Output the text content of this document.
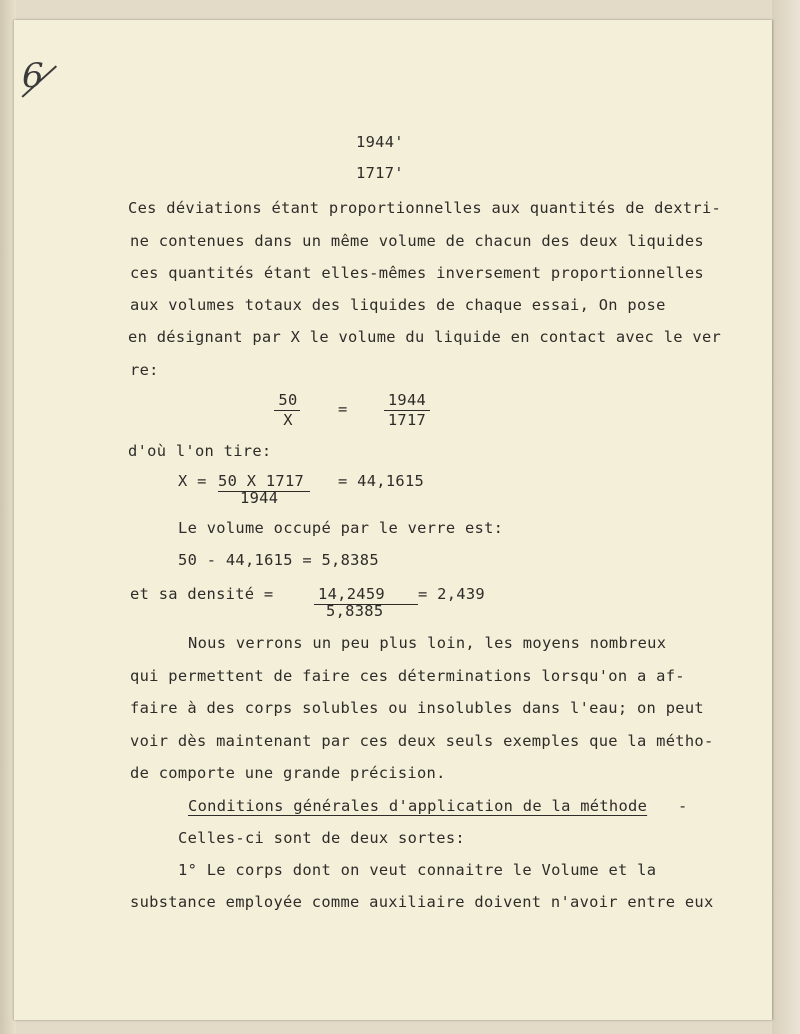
6
1944'
1717'
Ces déviations étant proportionnelles aux quantités de dextri-
ne contenues dans un même volume de chacun des deux liquides
ces quantités étant elles-mêmes inversement proportionnelles
aux volumes totaux des liquides de chaque essai, On pose
en désignant par X le volume du liquide en contact avec le ver
re:
50
X
=	1944
1717
d'où l'on tire:
X = 50 X 1717
1944
= 44,1615
Le volume occupé par le verre est:
50 - 44,1615 = 5,8385
et sa densité =	14,2459
5,8385
= 2,439
Nous verrons un peu plus loin, les moyens nombreux
qui permettent de faire ces déterminations lorsqu'on a af-
faire à des corps solubles ou insolubles dans l'eau; on peut
voir dès maintenant par ces deux seuls exemples que la métho-
de comporte une grande précision.
Conditions générales d'application de la méthode -
Celles-ci sont de deux sortes:
1° Le corps dont on veut connaitre le Volume et la
substance employée comme auxiliaire doivent n'avoir entre eux
